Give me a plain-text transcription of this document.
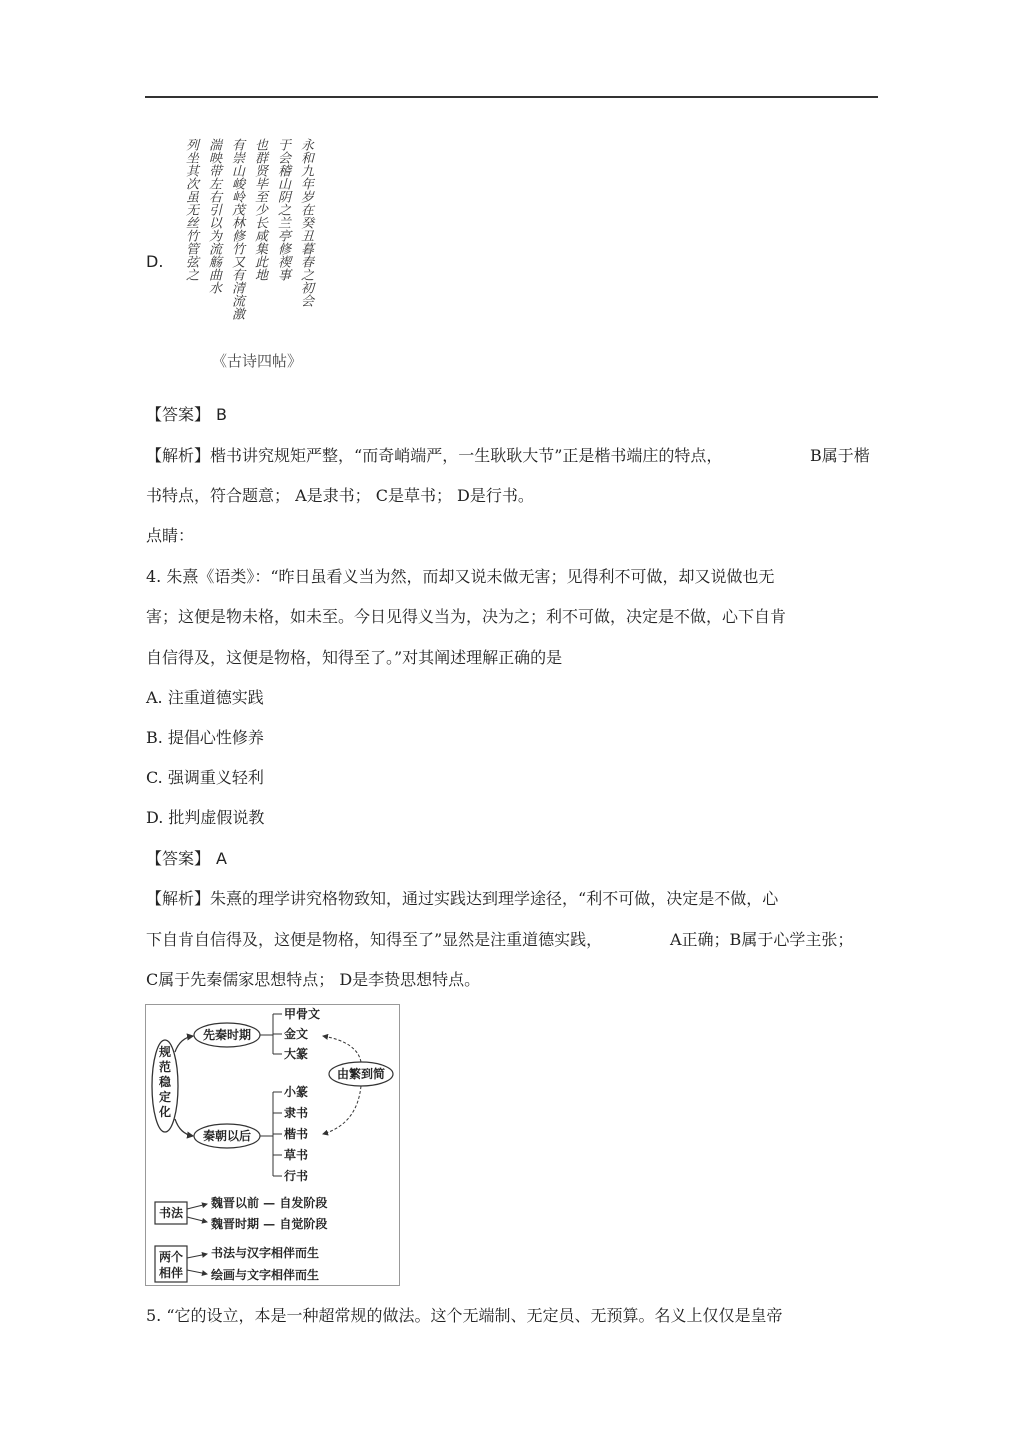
D.	永和九年岁在癸丑暮春之初会
于会稽山阴之兰亭修禊事
也群贤毕至少长咸集此地
有崇山峻岭茂林修竹又有清流激
湍映带左右引以为流觞曲水
列坐其次虽无丝竹管弦之
《古诗四帖》
【答案】 B
【解析】楷书讲究规矩严整，“而奇峭端严，一生耿耿大节”正是楷书端庄的特点，	B属于楷
书特点，符合题意； A是隶书； C是草书； D是行书。
点睛：
4. 朱熹《语类》：“昨日虽看义当为然，而却又说未做无害；见得利不可做，却又说做也无
害；这便是物未格，如未至。今日见得义当为，决为之；利不可做，决定是不做，心下自肯
自信得及，这便是物格，知得至了。”对其阐述理解正确的是
A. 注重道德实践
B. 提倡心性修养
C. 强调重义轻利
D. 批判虚假说教
【答案】 A
【解析】朱熹的理学讲究格物致知，通过实践达到理学途径，“利不可做，决定是不做，心
下自肯自信得及，这便是物格，知得至了”显然是注重道德实践，	A正确；B属于心学主张；
C属于先秦儒家思想特点； D是李贽思想特点。
规
范
稳
定
化
先秦时期
秦朝以后
甲骨文
金文
大篆
小篆
隶书
楷书
草书
行书
由繁到简
书法
魏晋以前 — 自发阶段
魏晋时期 — 自觉阶段
两个
相伴
书法与汉字相伴而生
绘画与文字相伴而生
5. “它的设立，本是一种超常规的做法。这个无端制、无定员、无预算。名义上仅仅是皇帝
